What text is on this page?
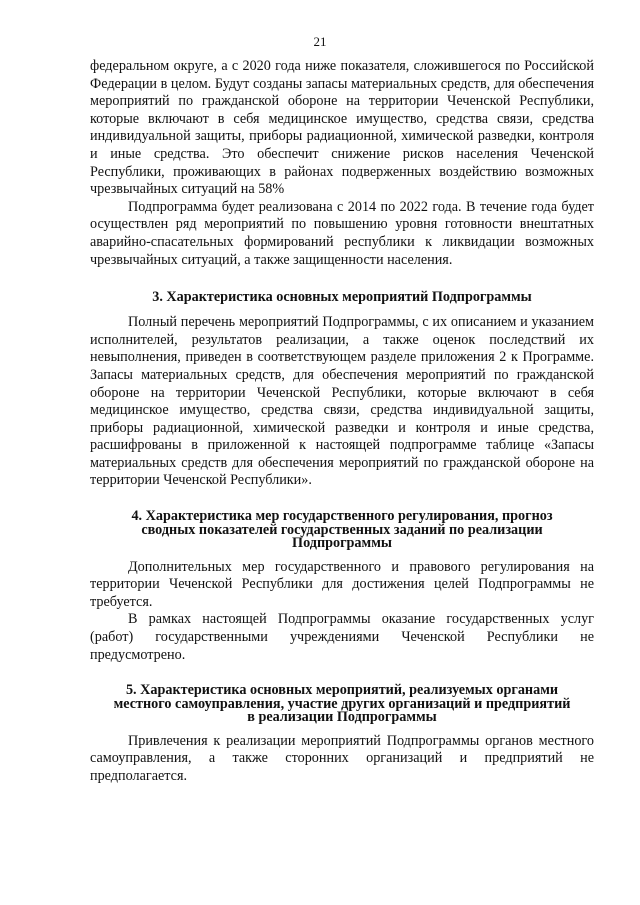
21

федеральном округе, а с 2020 года ниже показателя, сложившегося по Российской Федерации в целом. Будут созданы запасы материальных средств, для обеспечения мероприятий по гражданской обороне на территории Чеченской Республики, которые включают в себя медицинское имущество, средства связи, средства индивидуальной защиты, приборы радиационной, химической разведки, контроля и иные средства. Это обеспечит снижение рисков населения Чеченской Республики, проживающих в районах подверженных воздействию возможных чрезвычайных ситуаций на 58%

Подпрограмма будет реализована с 2014 по 2022 года. В течение года будет осуществлен ряд мероприятий по повышению уровня готовности внештатных аварийно-спасательных формирований республики к ликвидации возможных чрезвычайных ситуаций, а также защищенности населения.

3. Характеристика основных мероприятий Подпрограммы

Полный перечень мероприятий Подпрограммы, с их описанием и указанием исполнителей, результатов реализации, а также оценок последствий их невыполнения, приведен в соответствующем разделе приложения 2 к Программе. Запасы материальных средств, для обеспечения мероприятий по гражданской обороне на территории Чеченской Республики, которые включают в себя медицинское имущество, средства связи, средства индивидуальной защиты, приборы радиационной, химической разведки и контроля и иные средства, расшифрованы в приложенной к настоящей подпрограмме таблице «Запасы материальных средств для обеспечения мероприятий по гражданской обороне на территории Чеченской Республики».

4. Характеристика мер государственного регулирования, прогноз
сводных показателей государственных заданий по реализации
Подпрограммы

Дополнительных мер государственного и правового регулирования на территории Чеченской Республики для достижения целей Подпрограммы не требуется.

В рамках настоящей Подпрограммы оказание государственных услуг (работ) государственными учреждениями Чеченской Республики не предусмотрено.

5. Характеристика основных мероприятий, реализуемых органами
местного самоуправления, участие других организаций и предприятий
в реализации Подпрограммы

Привлечения к реализации мероприятий Подпрограммы органов местного самоуправления, а также сторонних организаций и предприятий не предполагается.
